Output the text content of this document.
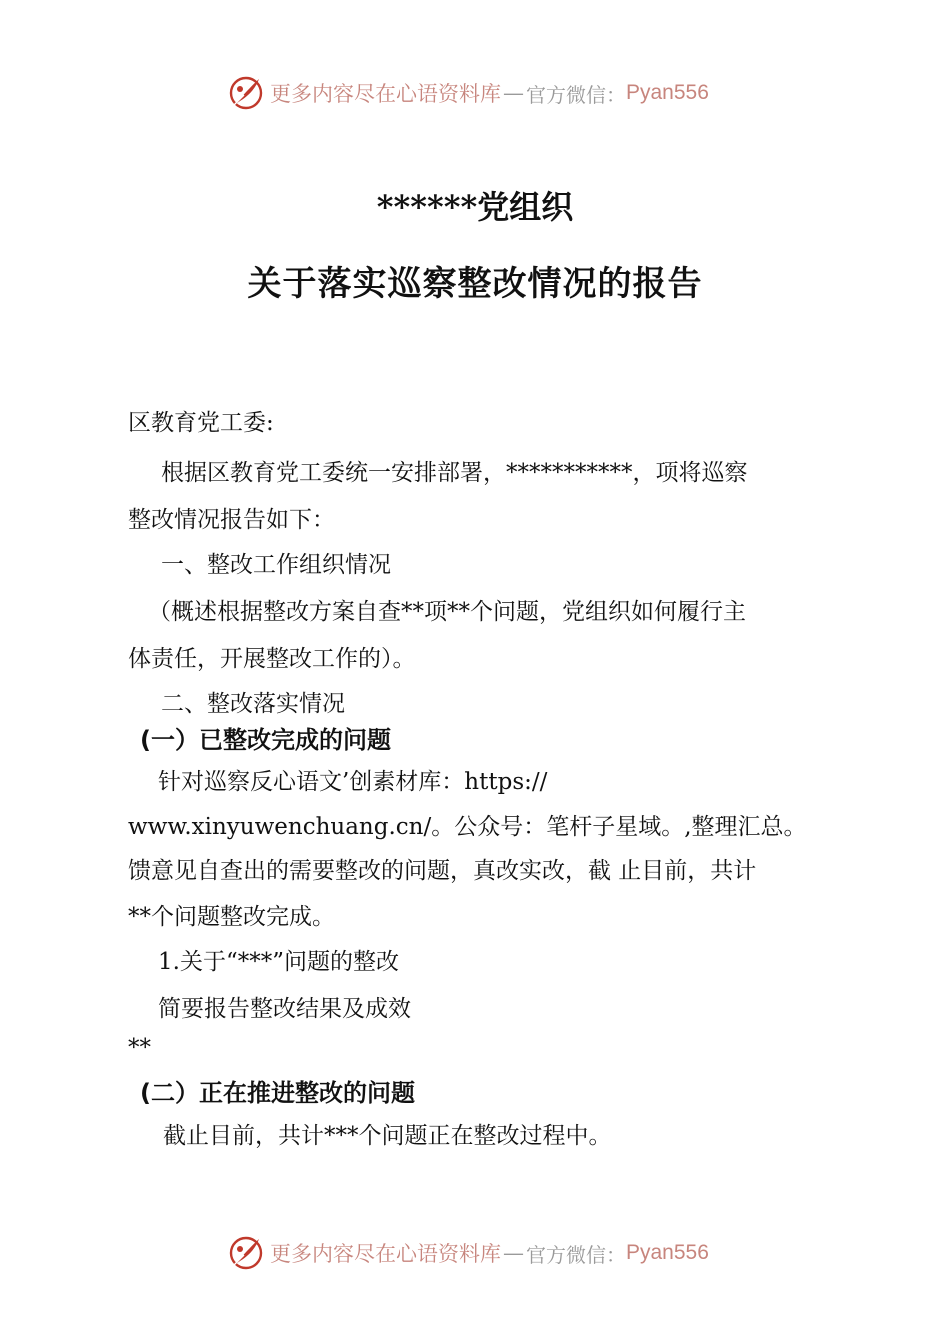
更多内容尽在心语资料库 — 官方微信： Pyan556
******党组织
关于落实巡察整改情况的报告
区教育党工委:
根据区教育党工委统一安排部署，***********，项将巡察
整改情况报告如下：
一、整改工作组织情况
（概述根据整改方案自查**项**个问题，党组织如何履行主
体责任，开展整改工作的）。
二、整改落实情况
(一）已整改完成的问题
针对巡察反心语文’创素材库：https://
www.xinyuwenchuang.cn/。公众号：笔杆子星域。,整理汇总。
馈意见自查出的需要整改的问题，真改实改，截 止目前，共计
**个问题整改完成。
1.关于“***”问题的整改
简要报告整改结果及成效
**
(二）正在推进整改的问题
截止目前，共计***个问题正在整改过程中。
更多内容尽在心语资料库 — 官方微信： Pyan556
